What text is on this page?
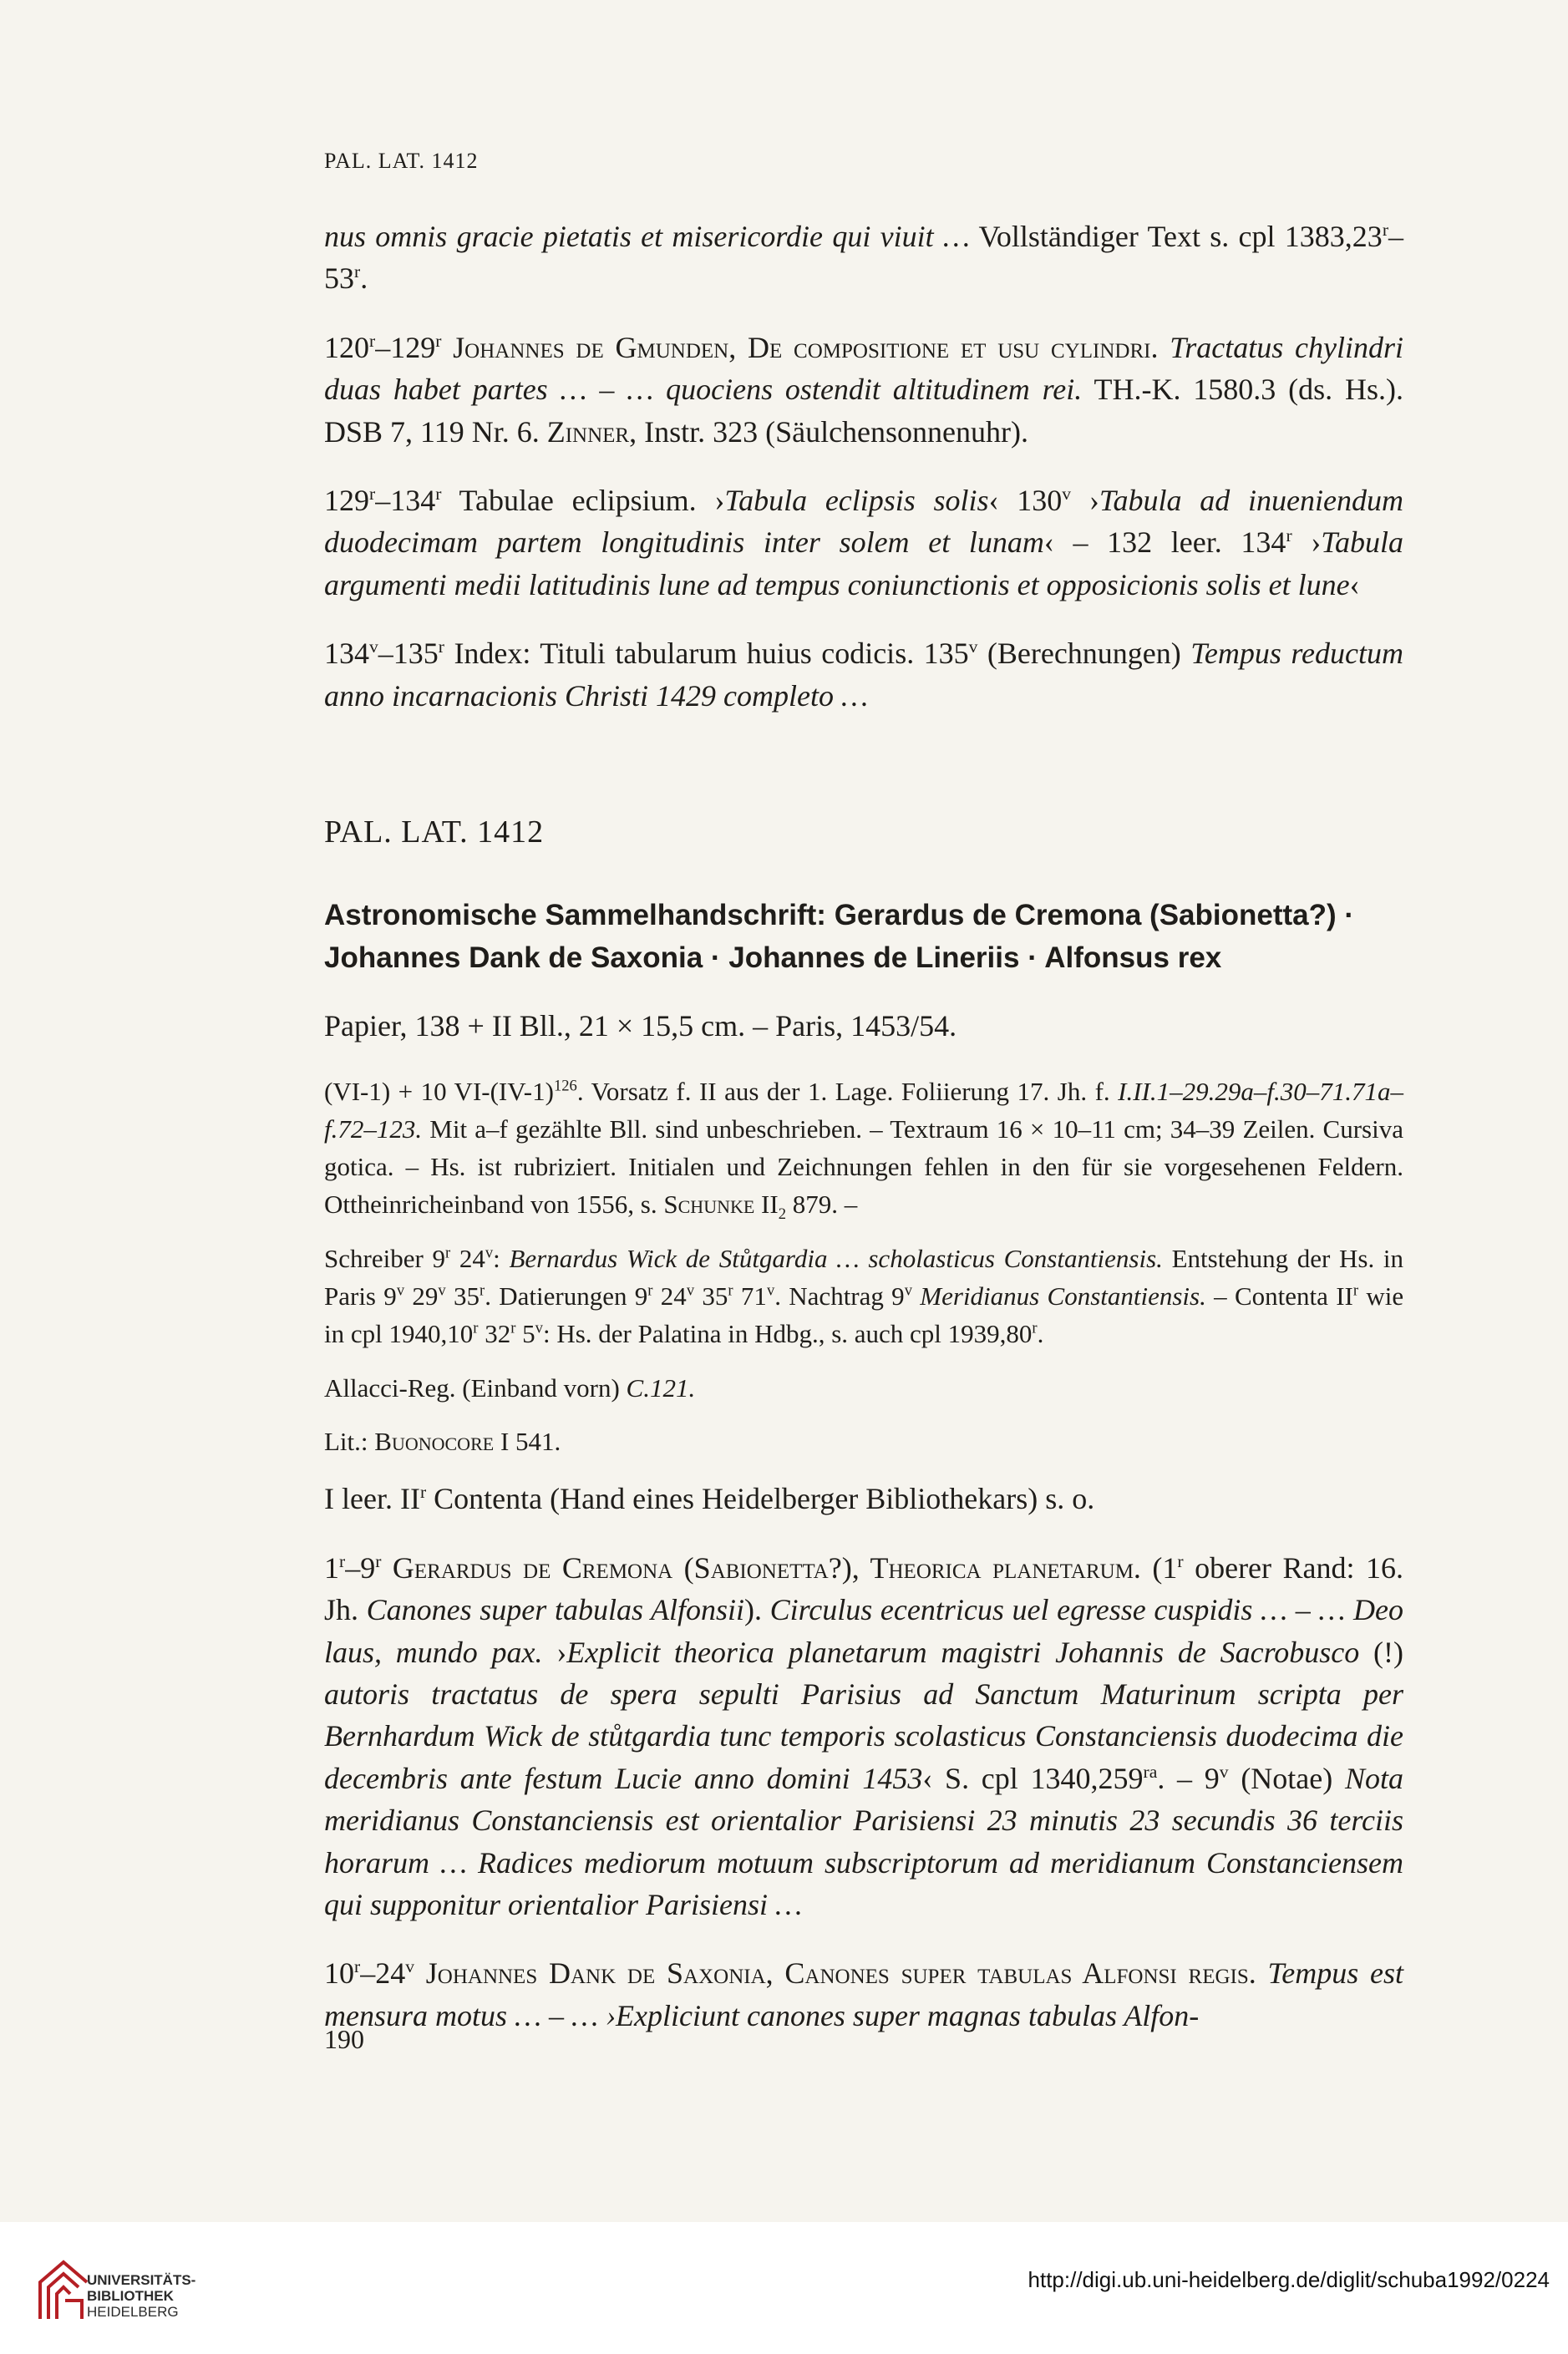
PAL. LAT. 1412

nus omnis gracie pietatis et misericordie qui viuit … Vollständiger Text s. cpl 1383,23$^r$–53$^r$.

120$^r$–129$^r$ Johannes de Gmunden, De compositione et usu cylindri. Tractatus chylindri duas habet partes … – … quociens ostendit altitudinem rei. TH.-K. 1580.3 (ds. Hs.). DSB 7, 119 Nr. 6. Zinner, Instr. 323 (Säulchensonnenuhr).

129$^r$–134$^r$ Tabulae eclipsium. ›Tabula eclipsis solis‹ 130$^v$ ›Tabula ad inueniendum duodecimam partem longitudinis inter solem et lunam‹ – 132 leer. 134$^r$ ›Tabula argumenti medii latitudinis lune ad tempus coniunctionis et opposicionis solis et lune‹

134$^v$–135$^r$ Index: Tituli tabularum huius codicis. 135$^v$ (Berechnungen) Tempus reductum anno incarnacionis Christi 1429 completo …

PAL. LAT. 1412

Astronomische Sammelhandschrift: Gerardus de Cremona (Sabionetta?) · Johannes Dank de Saxonia · Johannes de Lineriis · Alfonsus rex

Papier, 138 + II Bll., 21 × 15,5 cm. – Paris, 1453/54.

(VI-1) + 10 $VI-(IV-1)^{126}$. Vorsatz f. II aus der 1. Lage. Foliierung 17. Jh. f. I.II.1–29.29a–f.30–71.71a–f.72–123. Mit a–f gezählte Bll. sind unbeschrieben. – Textraum 16 × 10–11 cm; 34–39 Zeilen. Cursiva gotica. – Hs. ist rubriziert. Initialen und Zeichnungen fehlen in den für sie vorgesehenen Feldern. Ottheinricheinband von 1556, s. Schunke $II_2$ 879. –

Schreiber 9$^r$ 24$^v$: Bernardus Wick de Stůtgardia … scholasticus Constantiensis. Entstehung der Hs. in Paris 9$^v$ 29$^v$ 35$^r$. Datierungen 9$^r$ 24$^v$ 35$^r$ 71$^v$. Nachtrag 9$^v$ Meridianus Constantiensis. – Contenta $II^r$ wie in cpl 1940,10$^r$ 32$^r$ 5$^v$: Hs. der Palatina in Hdbg., s. auch cpl 1939,80$^r$.

Allacci-Reg. (Einband vorn) C.121.

Lit.: Buonocore I 541.

I leer. $II^r$ Contenta (Hand eines Heidelberger Bibliothekars) s. o.

1$^r$–9$^r$ Gerardus de Cremona (Sabionetta?), Theorica planetarum. (1$^r$ oberer Rand: 16. Jh. Canones super tabulas Alfonsii). Circulus ecentricus uel egresse cuspidis … – … Deo laus, mundo pax. ›Explicit theorica planetarum magistri Johannis de Sacrobusco (!) autoris tractatus de spera sepulti Parisius ad Sanctum Maturinum scripta per Bernhardum Wick de stůtgardia tunc temporis scolasticus Constanciensis duodecima die decembris ante festum Lucie anno domini 1453‹ S. cpl $1340,259^{ra}$. – 9$^v$ (Notae) Nota meridianus Constanciensis est orientalior Parisiensi 23 minutis 23 secundis 36 terciis horarum … Radices mediorum motuum subscriptorum ad meridianum Constanciensem qui supponitur orientalior Parisiensi …

10$^r$–24$^v$ Johannes Dank de Saxonia, Canones super tabulas Alfonsi regis. Tempus est mensura motus … – … ›Expliciunt canones super magnas tabulas Alfon-

190
UNIVERSITÄTS-
BIBLIOTHEK
HEIDELBERG
http://digi.ub.uni-heidelberg.de/diglit/schuba1992/0224
